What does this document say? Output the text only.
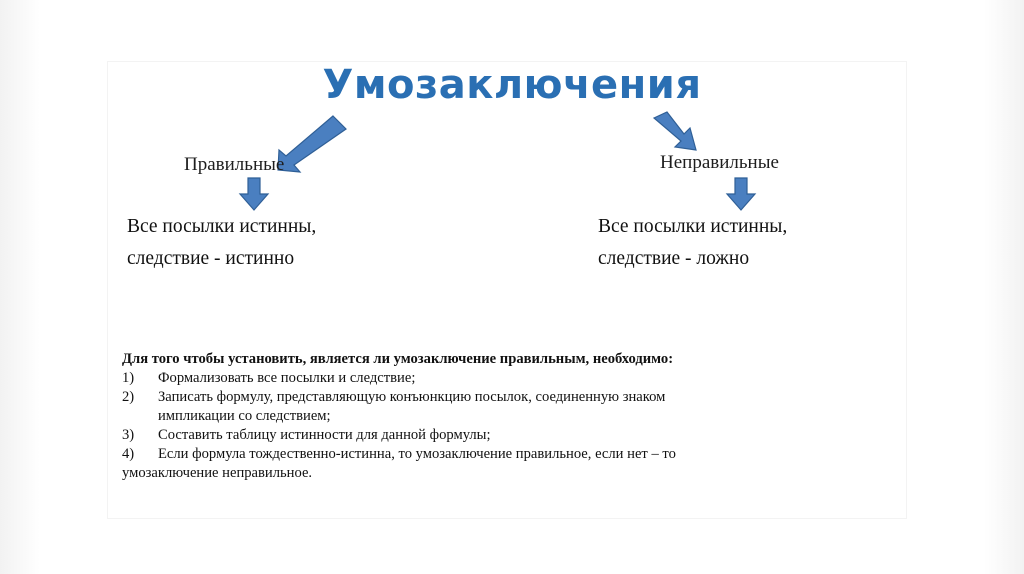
Умозаключения
Правильные	Неправильные
Все посылки истинны,
следствие - истинно
Все посылки истинны,
следствие - ложно
Для того чтобы установить, является ли умозаключение правильным, необходимо:
1) Формализовать все посылки и следствие;
2) Записать формулу, представляющую конъюнкцию посылок, соединенную знаком
импликации со следствием;
3) Составить таблицу истинности для данной формулы;
4) Если формула тождественно-истинна, то умозаключение правильное, если нет – то
умозаключение неправильное.
